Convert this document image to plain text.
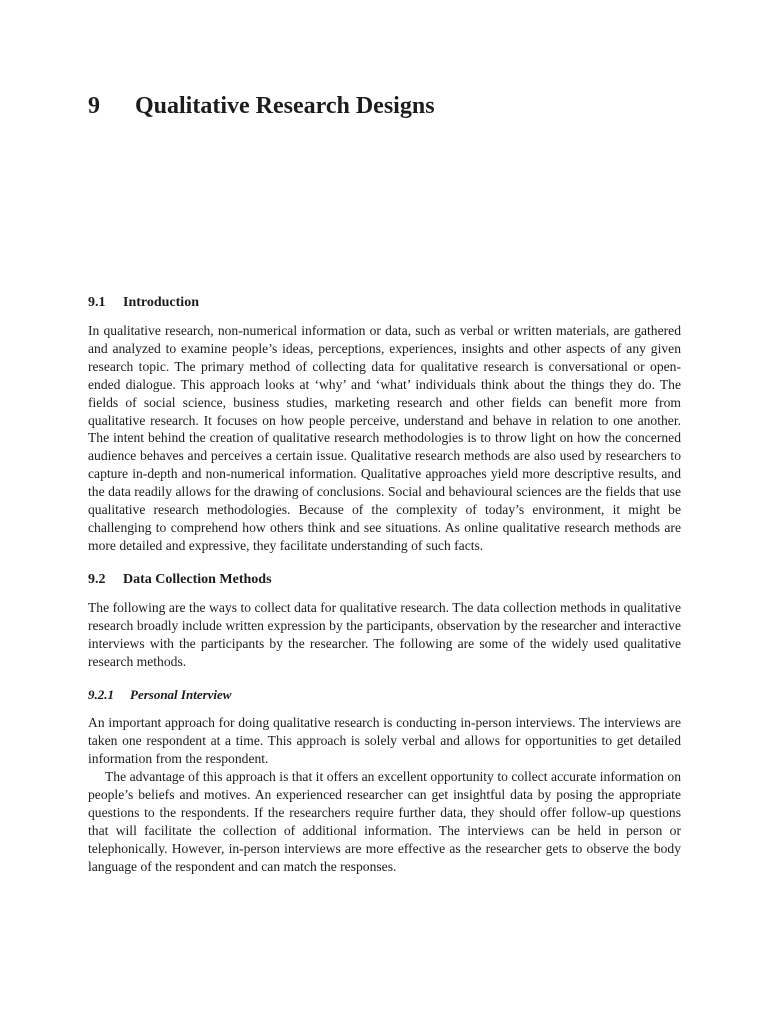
9 Qualitative Research Designs
9.1 Introduction

In qualitative research, non-numerical information or data, such as verbal or written materials, are gathered and analyzed to examine people’s ideas, perceptions, experiences, insights and other aspects of any given research topic. The primary method of collecting data for qualitative research is conversational or open-ended dialogue. This approach looks at ‘why’ and ‘what’ individuals think about the things they do. The fields of social science, business studies, marketing research and other fields can benefit more from qualitative research. It focuses on how people perceive, understand and behave in relation to one another. The intent behind the creation of qualitative research methodologies is to throw light on how the concerned audience behaves and perceives a certain issue. Qualitative research methods are also used by researchers to capture in-depth and non-numerical information. Qualitative approaches yield more descriptive results, and the data readily allows for the drawing of conclusions. Social and behavioural sciences are the fields that use qualitative research methodologies. Because of the complexity of today’s environment, it might be challenging to comprehend how others think and see situations. As online qualitative research methods are more detailed and expressive, they facilitate understanding of such facts.

9.2 Data Collection Methods

The following are the ways to collect data for qualitative research. The data collection methods in qualitative research broadly include written expression by the participants, observation by the researcher and interactive interviews with the participants by the researcher. The following are some of the widely used qualitative research methods.

9.2.1 Personal Interview

An important approach for doing qualitative research is conducting in-person interviews. The interviews are taken one respondent at a time. This approach is solely verbal and allows for opportunities to get detailed information from the respondent.

The advantage of this approach is that it offers an excellent opportunity to collect accurate information on people’s beliefs and motives. An experienced researcher can get insightful data by posing the appropriate questions to the respondents. If the researchers require further data, they should offer follow-up questions that will facilitate the collection of additional information. The interviews can be held in person or telephonically. However, in-person interviews are more effective as the researcher gets to observe the body language of the respondent and can match the responses.
